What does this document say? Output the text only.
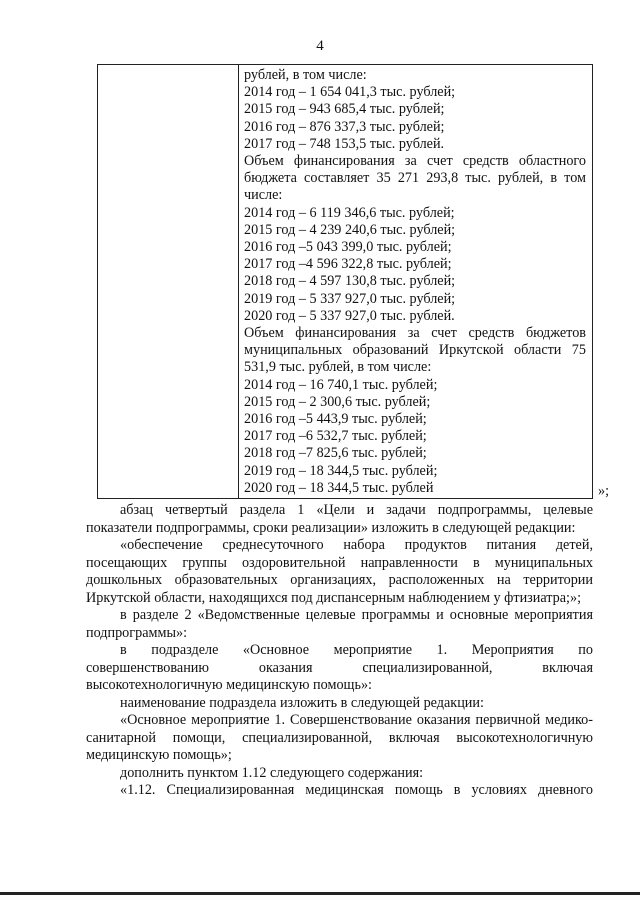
4

рублей, в том числе:

2014 год – 1 654 041,3 тыс. рублей;

2015 год – 943 685,4 тыс. рублей;

2016 год – 876 337,3 тыс. рублей;

2017 год – 748 153,5 тыс. рублей.

Объем финансирования за счет средств областного бюджета составляет 35 271 293,8 тыс. рублей, в том числе:

2014 год – 6 119 346,6 тыс. рублей;

2015 год – 4 239 240,6 тыс. рублей;

2016 год –5 043 399,0 тыс. рублей;

2017 год –4 596 322,8 тыс. рублей;

2018 год – 4 597 130,8 тыс. рублей;

2019 год – 5 337 927,0 тыс. рублей;

2020 год – 5 337 927,0 тыс. рублей.

Объем финансирования за счет средств бюджетов муниципальных образований Иркутской области 75 531,9 тыс. рублей, в том числе:

2014 год – 16 740,1 тыс. рублей;

2015 год – 2 300,6 тыс. рублей;

2016 год –5 443,9 тыс. рублей;

2017 год –6 532,7 тыс. рублей;

2018 год –7 825,6 тыс. рублей;

2019 год – 18 344,5 тыс. рублей;

2020 год – 18 344,5 тыс. рублей	»;

абзац четвертый раздела 1 «Цели и задачи подпрограммы, целевые показатели подпрограммы, сроки реализации» изложить в следующей редакции:

«обеспечение среднесуточного набора продуктов питания детей, посещающих группы оздоровительной направленности в муниципальных дошкольных образовательных организациях, расположенных на территории Иркутской области, находящихся под диспансерным наблюдением у фтизиатра;»;

в разделе 2 «Ведомственные целевые программы и основные мероприятия подпрограммы»:

в подразделе «Основное мероприятие 1. Мероприятия по совершенствованию оказания специализированной, включая высокотехнологичную медицинскую помощь»:

наименование подраздела изложить в следующей редакции:

«Основное мероприятие 1. Совершенствование оказания первичной медико-санитарной помощи, специализированной, включая высокотехнологичную медицинскую помощь»;

дополнить пунктом 1.12 следующего содержания:

«1.12. Специализированная медицинская помощь в условиях дневного
